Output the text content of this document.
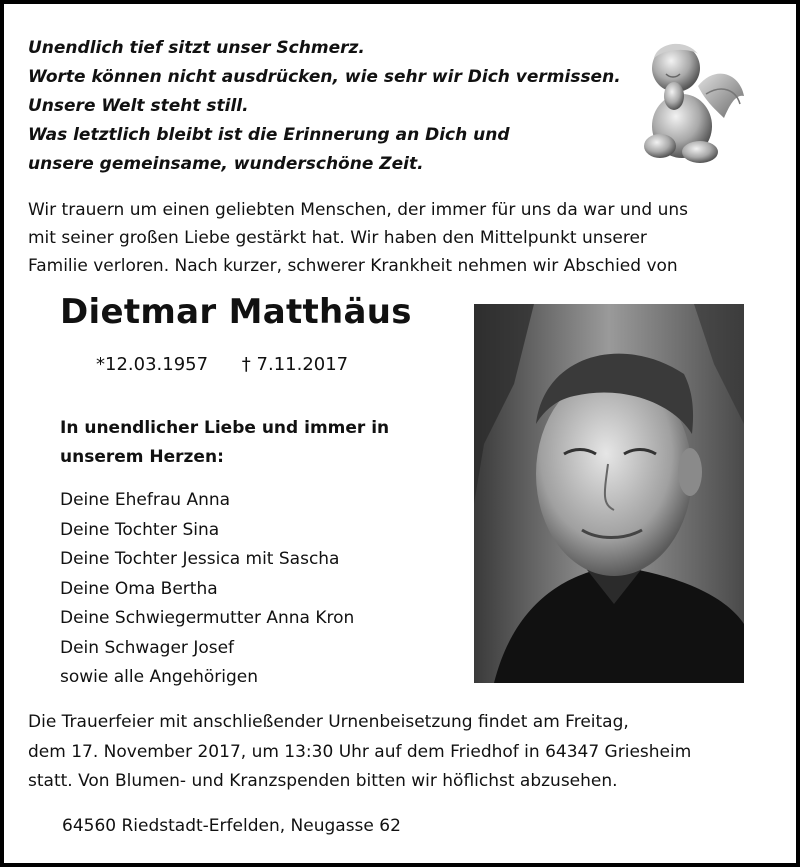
Unendlich tief sitzt unser Schmerz.
Worte können nicht ausdrücken, wie sehr wir Dich vermissen.
Unsere Welt steht still.
Was letztlich bleibt ist die Erinnerung an Dich und
unsere gemeinsame, wunderschöne Zeit.
Wir trauern um einen geliebten Menschen, der immer für uns da war und uns
mit seiner großen Liebe gestärkt hat. Wir haben den Mittelpunkt unserer
Familie verloren. Nach kurzer, schwerer Krankheit nehmen wir Abschied von
Dietmar Matthäus
*12.03.1957 † 7.11.2017
In unendlicher Liebe und immer in
unserem Herzen:
Deine Ehefrau Anna
Deine Tochter Sina
Deine Tochter Jessica mit Sascha
Deine Oma Bertha
Deine Schwiegermutter Anna Kron
Dein Schwager Josef
sowie alle Angehörigen
Die Trauerfeier mit anschließender Urnenbeisetzung findet am Freitag,
dem 17. November 2017, um 13:30 Uhr auf dem Friedhof in 64347 Griesheim
statt. Von Blumen- und Kranzspenden bitten wir höflichst abzusehen.
64560 Riedstadt-Erfelden, Neugasse 62
